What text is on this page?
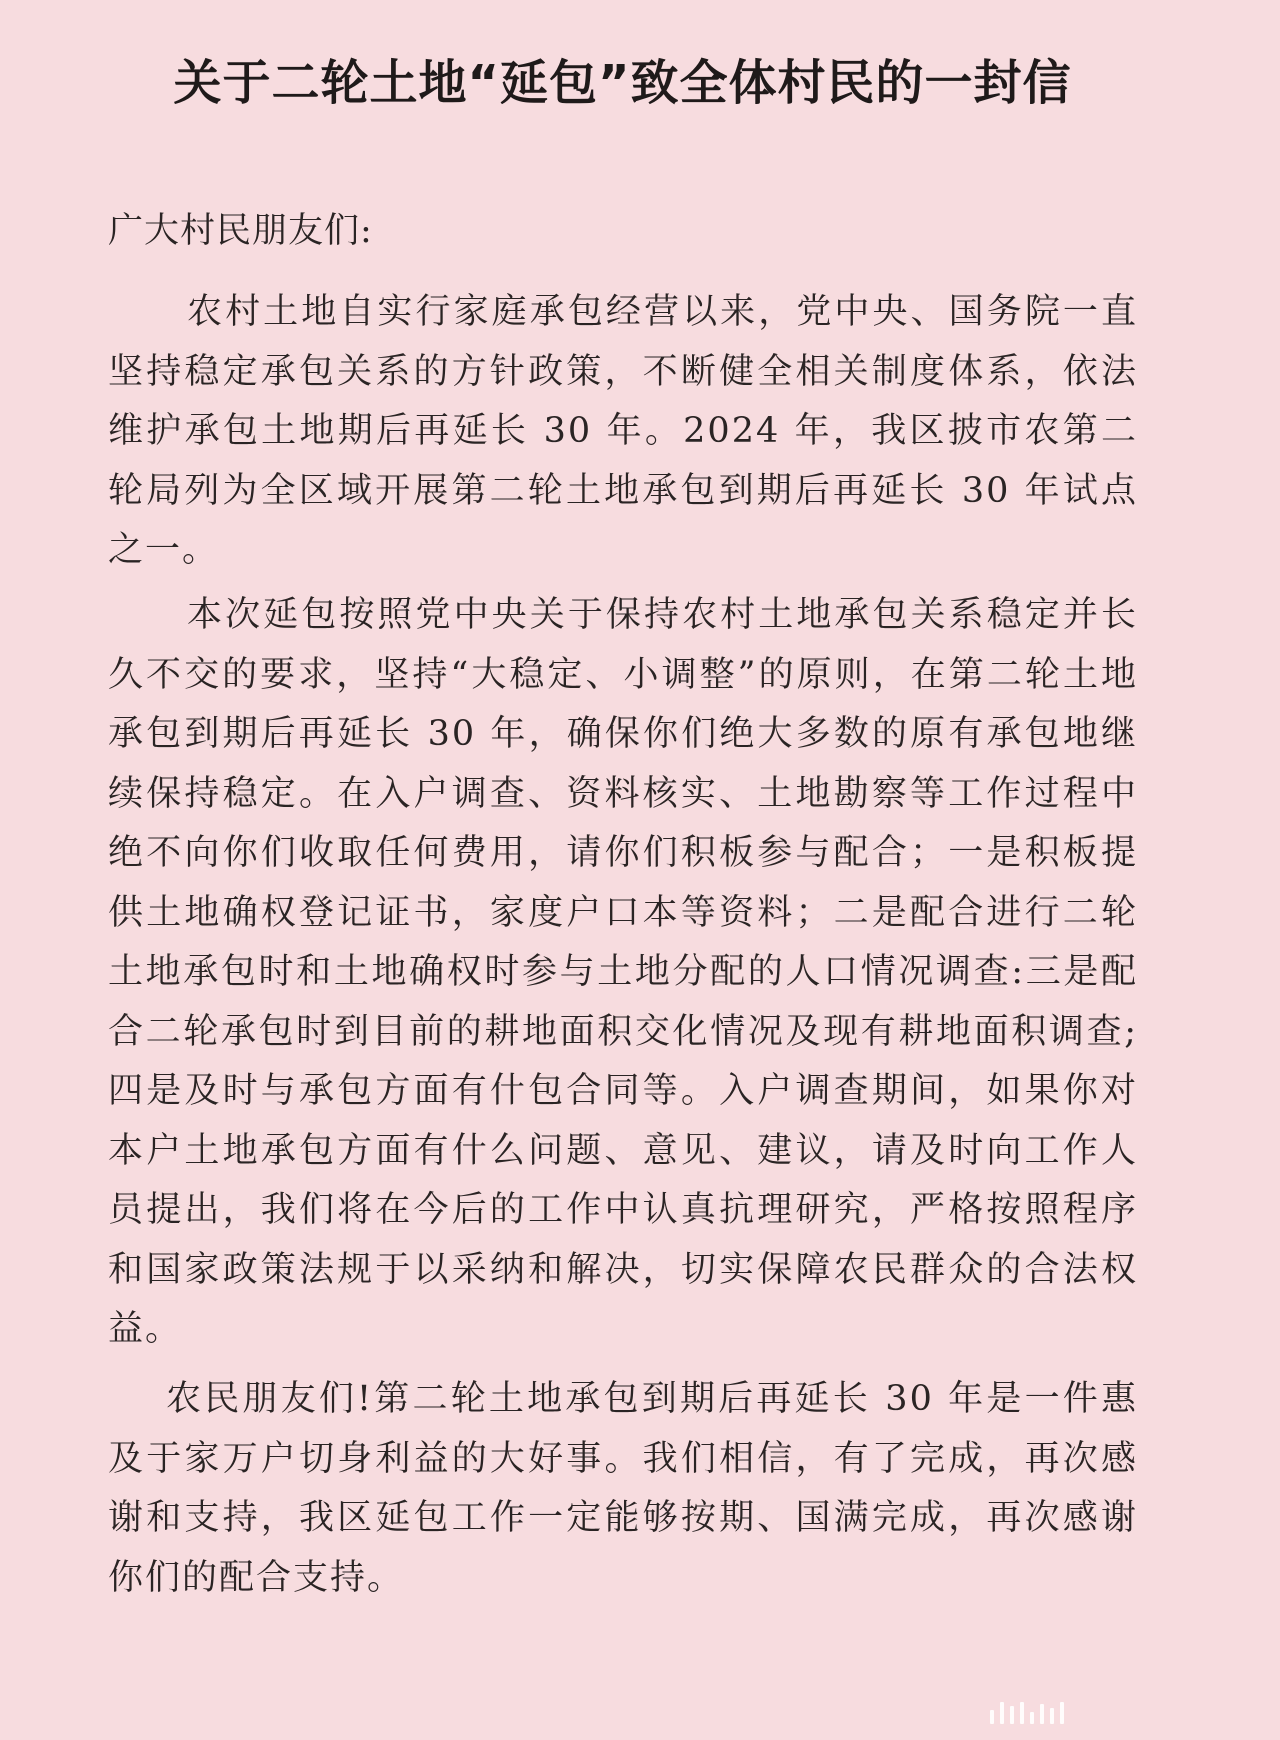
关于二轮土地“延包”致全体村民的一封信
广大村民朋友们:

农村土地自实行家庭承包经营以来，党中央、国务院一直坚持稳定承包关系的方针政策，不断健全相关制度体系，依法维护承包土地期后再延长 30 年。2024 年，我区披市农第二轮局列为全区域开展第二轮土地承包到期后再延长 30 年试点之一。

本次延包按照党中央关于保持农村土地承包关系稳定并长久不交的要求，坚持“大稳定、小调整”的原则，在第二轮土地承包到期后再延长 30 年，确保你们绝大多数的原有承包地继续保持稳定。在入户调查、资料核实、土地勘察等工作过程中绝不向你们收取任何费用，请你们积板参与配合；一是积板提供土地确权登记证书，家度户口本等资料；二是配合进行二轮土地承包时和土地确权时参与土地分配的人口情况调查:三是配合二轮承包时到目前的耕地面积交化情况及现有耕地面积调查;四是及时与承包方面有什包合同等。入户调查期间，如果你对本户土地承包方面有什么问题、意见、建议，请及时向工作人员提出，我们将在今后的工作中认真抗理研究，严格按照程序和国家政策法规于以采纳和解决，切实保障农民群众的合法权益。

农民朋友们!第二轮土地承包到期后再延长 30 年是一件惠及于家万户切身利益的大好事。我们相信，有了完成，再次感谢和支持，我区延包工作一定能够按期、国满完成，再次感谢你们的配合支持。
